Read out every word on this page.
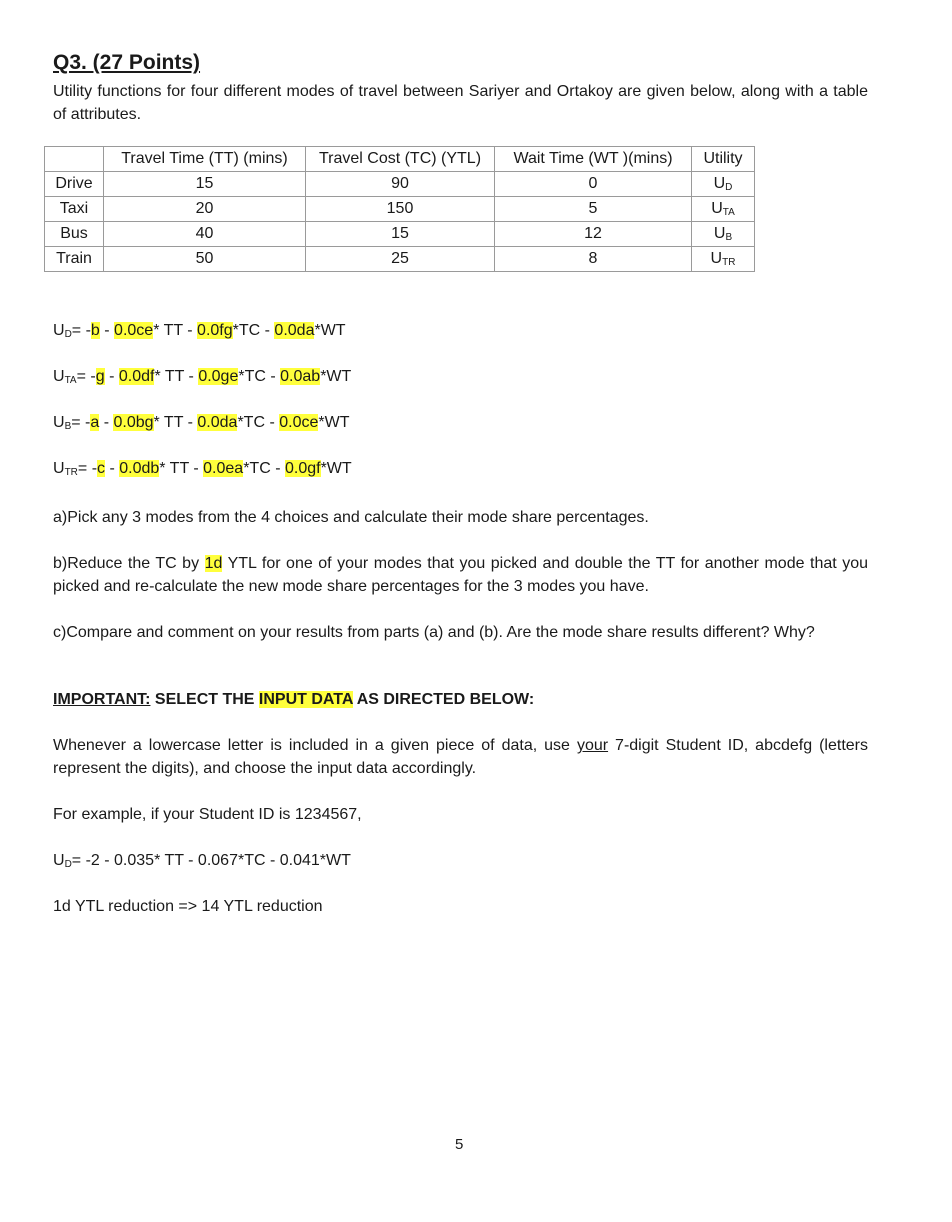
Q3. (27 Points)

Utility functions for four different modes of travel between Sariyer and Ortakoy are given below, along with a table of attributes.

	Travel Time (TT) (mins)	Travel Cost (TC) (YTL)	Wait Time (WT )(mins)	Utility
Drive	15	90	0	$U_D$
Taxi	20	150	5	$U_{TA}$
Bus	40	15	12	$U_B$
Train	50	25	8	$U_{TR}$
$U_D= -b - 0.0ce*$ TT - 0.0fg*TC - 0.0da*WT
$U_{TA}= -g - 0.0df*$ TT - 0.0ge*TC - 0.0ab*WT
$U_B= -a - 0.0bg*$ TT - 0.0da*TC - 0.0ce*WT
$U_{TR}= -c - 0.0db*$ TT - 0.0ea*TC - 0.0gf*WT

a)Pick any 3 modes from the 4 choices and calculate their mode share percentages.

b)Reduce the TC by 1d YTL for one of your modes that you picked and double the TT for another mode that you picked and re-calculate the new mode share percentages for the 3 modes you have.

c)Compare and comment on your results from parts (a) and (b). Are the mode share results different? Why?

IMPORTANT: SELECT THE INPUT DATA AS DIRECTED BELOW:

Whenever a lowercase letter is included in a given piece of data, use your 7-digit Student ID, abcdefg (letters represent the digits), and choose the input data accordingly.

For example, if your Student ID is 1234567,

$U_D= -2 - 0.035*$ TT - 0.067*TC - 0.041*WT

1d YTL reduction => 14 YTL reduction

5
